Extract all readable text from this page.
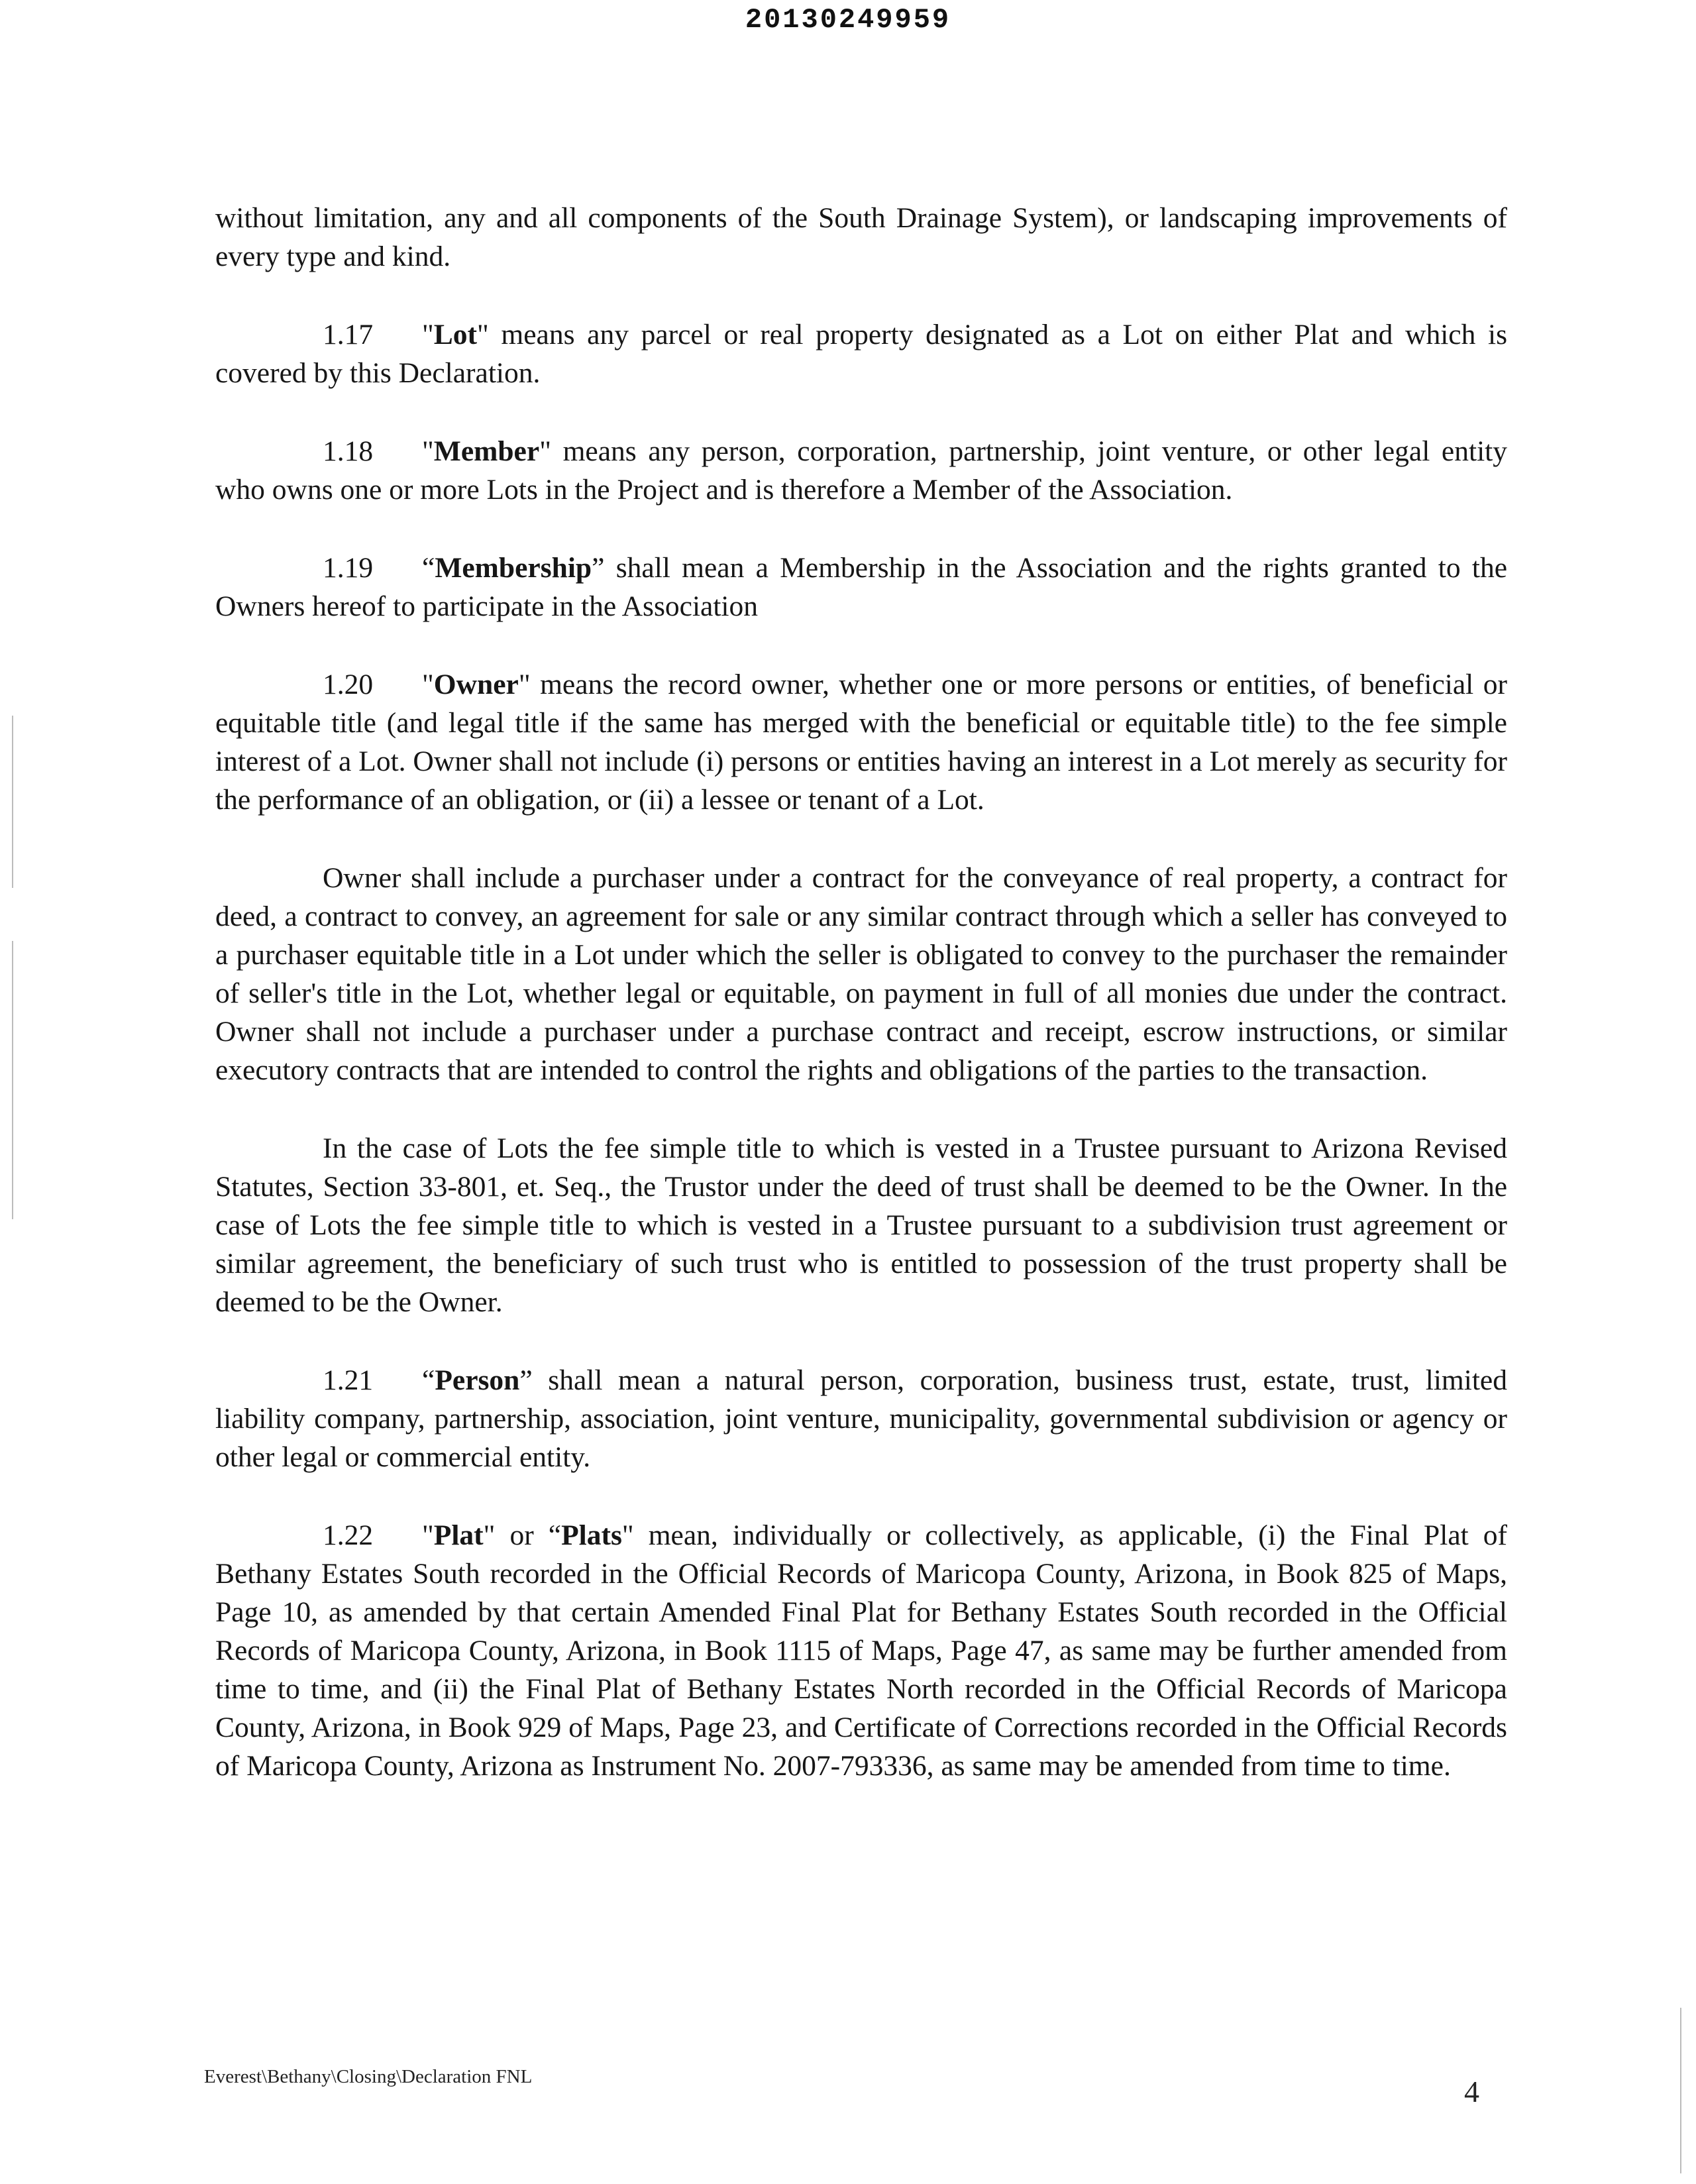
20130249959

without limitation, any and all components of the South Drainage System), or landscaping improvements of every type and kind.

1.17 "Lot" means any parcel or real property designated as a Lot on either Plat and which is covered by this Declaration.

1.18 "Member" means any person, corporation, partnership, joint venture, or other legal entity who owns one or more Lots in the Project and is therefore a Member of the Association.

1.19 “Membership” shall mean a Membership in the Association and the rights granted to the Owners hereof to participate in the Association

1.20 "Owner" means the record owner, whether one or more persons or entities, of beneficial or equitable title (and legal title if the same has merged with the beneficial or equitable title) to the fee simple interest of a Lot. Owner shall not include (i) persons or entities having an interest in a Lot merely as security for the performance of an obligation, or (ii) a lessee or tenant of a Lot.

Owner shall include a purchaser under a contract for the conveyance of real property, a contract for deed, a contract to convey, an agreement for sale or any similar contract through which a seller has conveyed to a purchaser equitable title in a Lot under which the seller is obligated to convey to the purchaser the remainder of seller's title in the Lot, whether legal or equitable, on payment in full of all monies due under the contract. Owner shall not include a purchaser under a purchase contract and receipt, escrow instructions, or similar executory contracts that are intended to control the rights and obligations of the parties to the transaction.

In the case of Lots the fee simple title to which is vested in a Trustee pursuant to Arizona Revised Statutes, Section 33-801, et. Seq., the Trustor under the deed of trust shall be deemed to be the Owner. In the case of Lots the fee simple title to which is vested in a Trustee pursuant to a subdivision trust agreement or similar agreement, the beneficiary of such trust who is entitled to possession of the trust property shall be deemed to be the Owner.

1.21 “Person” shall mean a natural person, corporation, business trust, estate, trust, limited liability company, partnership, association, joint venture, municipality, governmental subdivision or agency or other legal or commercial entity.

1.22 "Plat" or “Plats" mean, individually or collectively, as applicable, (i) the Final Plat of Bethany Estates South recorded in the Official Records of Maricopa County, Arizona, in Book 825 of Maps, Page 10, as amended by that certain Amended Final Plat for Bethany Estates South recorded in the Official Records of Maricopa County, Arizona, in Book 1115 of Maps, Page 47, as same may be further amended from time to time, and (ii) the Final Plat of Bethany Estates North recorded in the Official Records of Maricopa County, Arizona, in Book 929 of Maps, Page 23, and Certificate of Corrections recorded in the Official Records of Maricopa County, Arizona as Instrument No. 2007-793336, as same may be amended from time to time.

Everest\Bethany\Closing\Declaration FNL	4
